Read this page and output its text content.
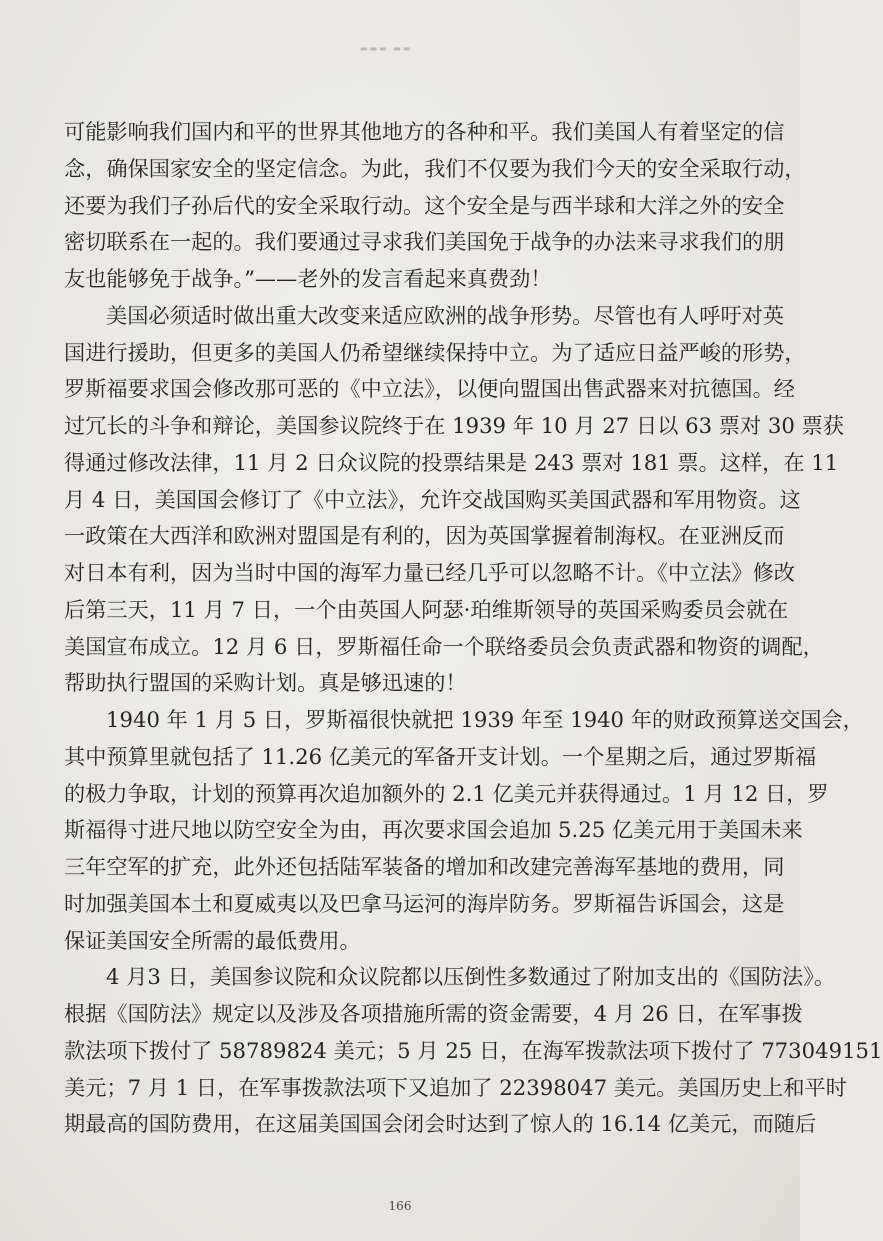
▬▬▬ ▬▬
可能影响我们国内和平的世界其他地方的各种和平。我们美国人有着坚定的信
念，确保国家安全的坚定信念。为此，我们不仅要为我们今天的安全采取行动，
还要为我们子孙后代的安全采取行动。这个安全是与西半球和大洋之外的安全
密切联系在一起的。我们要通过寻求我们美国免于战争的办法来寻求我们的朋
友也能够免于战争。”——老外的发言看起来真费劲！
美国必须适时做出重大改变来适应欧洲的战争形势。尽管也有人呼吁对英
国进行援助，但更多的美国人仍希望继续保持中立。为了适应日益严峻的形势，
罗斯福要求国会修改那可恶的《中立法》，以便向盟国出售武器来对抗德国。经
过冗长的斗争和辩论，美国参议院终于在 1939 年 10 月 27 日以 63 票对 30 票获
得通过修改法律，11 月 2 日众议院的投票结果是 243 票对 181 票。这样，在 11
月 4 日，美国国会修订了《中立法》，允许交战国购买美国武器和军用物资。这
一政策在大西洋和欧洲对盟国是有利的，因为英国掌握着制海权。在亚洲反而
对日本有利，因为当时中国的海军力量已经几乎可以忽略不计。《中立法》修改
后第三天，11 月 7 日，一个由英国人阿瑟·珀维斯领导的英国采购委员会就在
美国宣布成立。12 月 6 日，罗斯福任命一个联络委员会负责武器和物资的调配，
帮助执行盟国的采购计划。真是够迅速的！
1940 年 1 月 5 日，罗斯福很快就把 1939 年至 1940 年的财政预算送交国会，
其中预算里就包括了 11.26 亿美元的军备开支计划。一个星期之后，通过罗斯福
的极力争取，计划的预算再次追加额外的 2.1 亿美元并获得通过。1 月 12 日，罗
斯福得寸进尺地以防空安全为由，再次要求国会追加 5.25 亿美元用于美国未来
三年空军的扩充，此外还包括陆军装备的增加和改建完善海军基地的费用，同
时加强美国本土和夏威夷以及巴拿马运河的海岸防务。罗斯福告诉国会，这是
保证美国安全所需的最低费用。
4 月3 日，美国参议院和众议院都以压倒性多数通过了附加支出的《国防法》。
根据《国防法》规定以及涉及各项措施所需的资金需要，4 月 26 日，在军事拨
款法项下拨付了 58789824 美元；5 月 25 日，在海军拨款法项下拨付了 773049151
美元；7 月 1 日，在军事拨款法项下又追加了 22398047 美元。美国历史上和平时
期最高的国防费用，在这届美国国会闭会时达到了惊人的 16.14 亿美元，而随后
166
